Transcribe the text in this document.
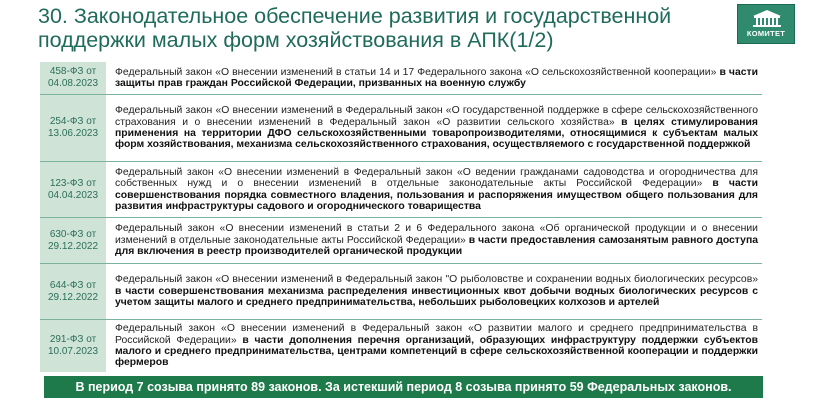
30. Законодательное обеспечение развития и государственной поддержки малых форм хозяйствования в АПК(1/2)	КОМИТЕТ
458-ФЗ от 04.08.2023
Федеральный закон «О внесении изменений в статьи 14 и 17 Федерального закона «О сельскохозяйственной кооперации» в части защиты прав граждан Российской Федерации, призванных на военную службу
254-ФЗ от 13.06.2023
Федеральный закон «О внесении изменений в Федеральный закон «О государственной поддержке в сфере сельскохозяйственного страхования и о внесении изменений в Федеральный закон «О развитии сельского хозяйства» в целях стимулирования применения на территории ДФО сельскохозяйственными товаропроизводителями, относящимися к субъектам малых форм хозяйствования, механизма сельскохозяйственного страхования, осуществляемого с государственной поддержкой
123-ФЗ от 04.04.2023
Федеральный закон «О внесении изменений в Федеральный закон «О ведении гражданами садоводства и огородничества для собственных нужд и о внесении изменений в отдельные законодательные акты Российской Федерации» в части совершенствования порядка совместного владения, пользования и распоряжения имуществом общего пользования для развития инфраструктуры садового и огороднического товарищества
630-ФЗ от 29.12.2022
Федеральный закон «О внесении изменений в статьи 2 и 6 Федерального закона «Об органической продукции и о внесении изменений в отдельные законодательные акты Российской Федерации» в части предоставления самозанятым равного доступа для включения в реестр производителей органической продукции
644-ФЗ от 29.12.2022
Федеральный закон «О внесении изменений в Федеральный закон "О рыболовстве и сохранении водных биологических ресурсов» в части совершенствования механизма распределения инвестиционных квот добычи водных биологических ресурсов с учетом защиты малого и среднего предпринимательства, небольших рыболовецких колхозов и артелей
291-ФЗ от 10.07.2023
Федеральный закон «О внесении изменений в Федеральный закон «О развитии малого и среднего предпринимательства в Российской Федерации» в части дополнения перечня организаций, образующих инфраструктуру поддержки субъектов малого и среднего предпринимательства, центрами компетенций в сфере сельскохозяйственной кооперации и поддержки фермеров
В период 7 созыва принято 89 законов. За истекший период 8 созыва принято 59 Федеральных законов.
